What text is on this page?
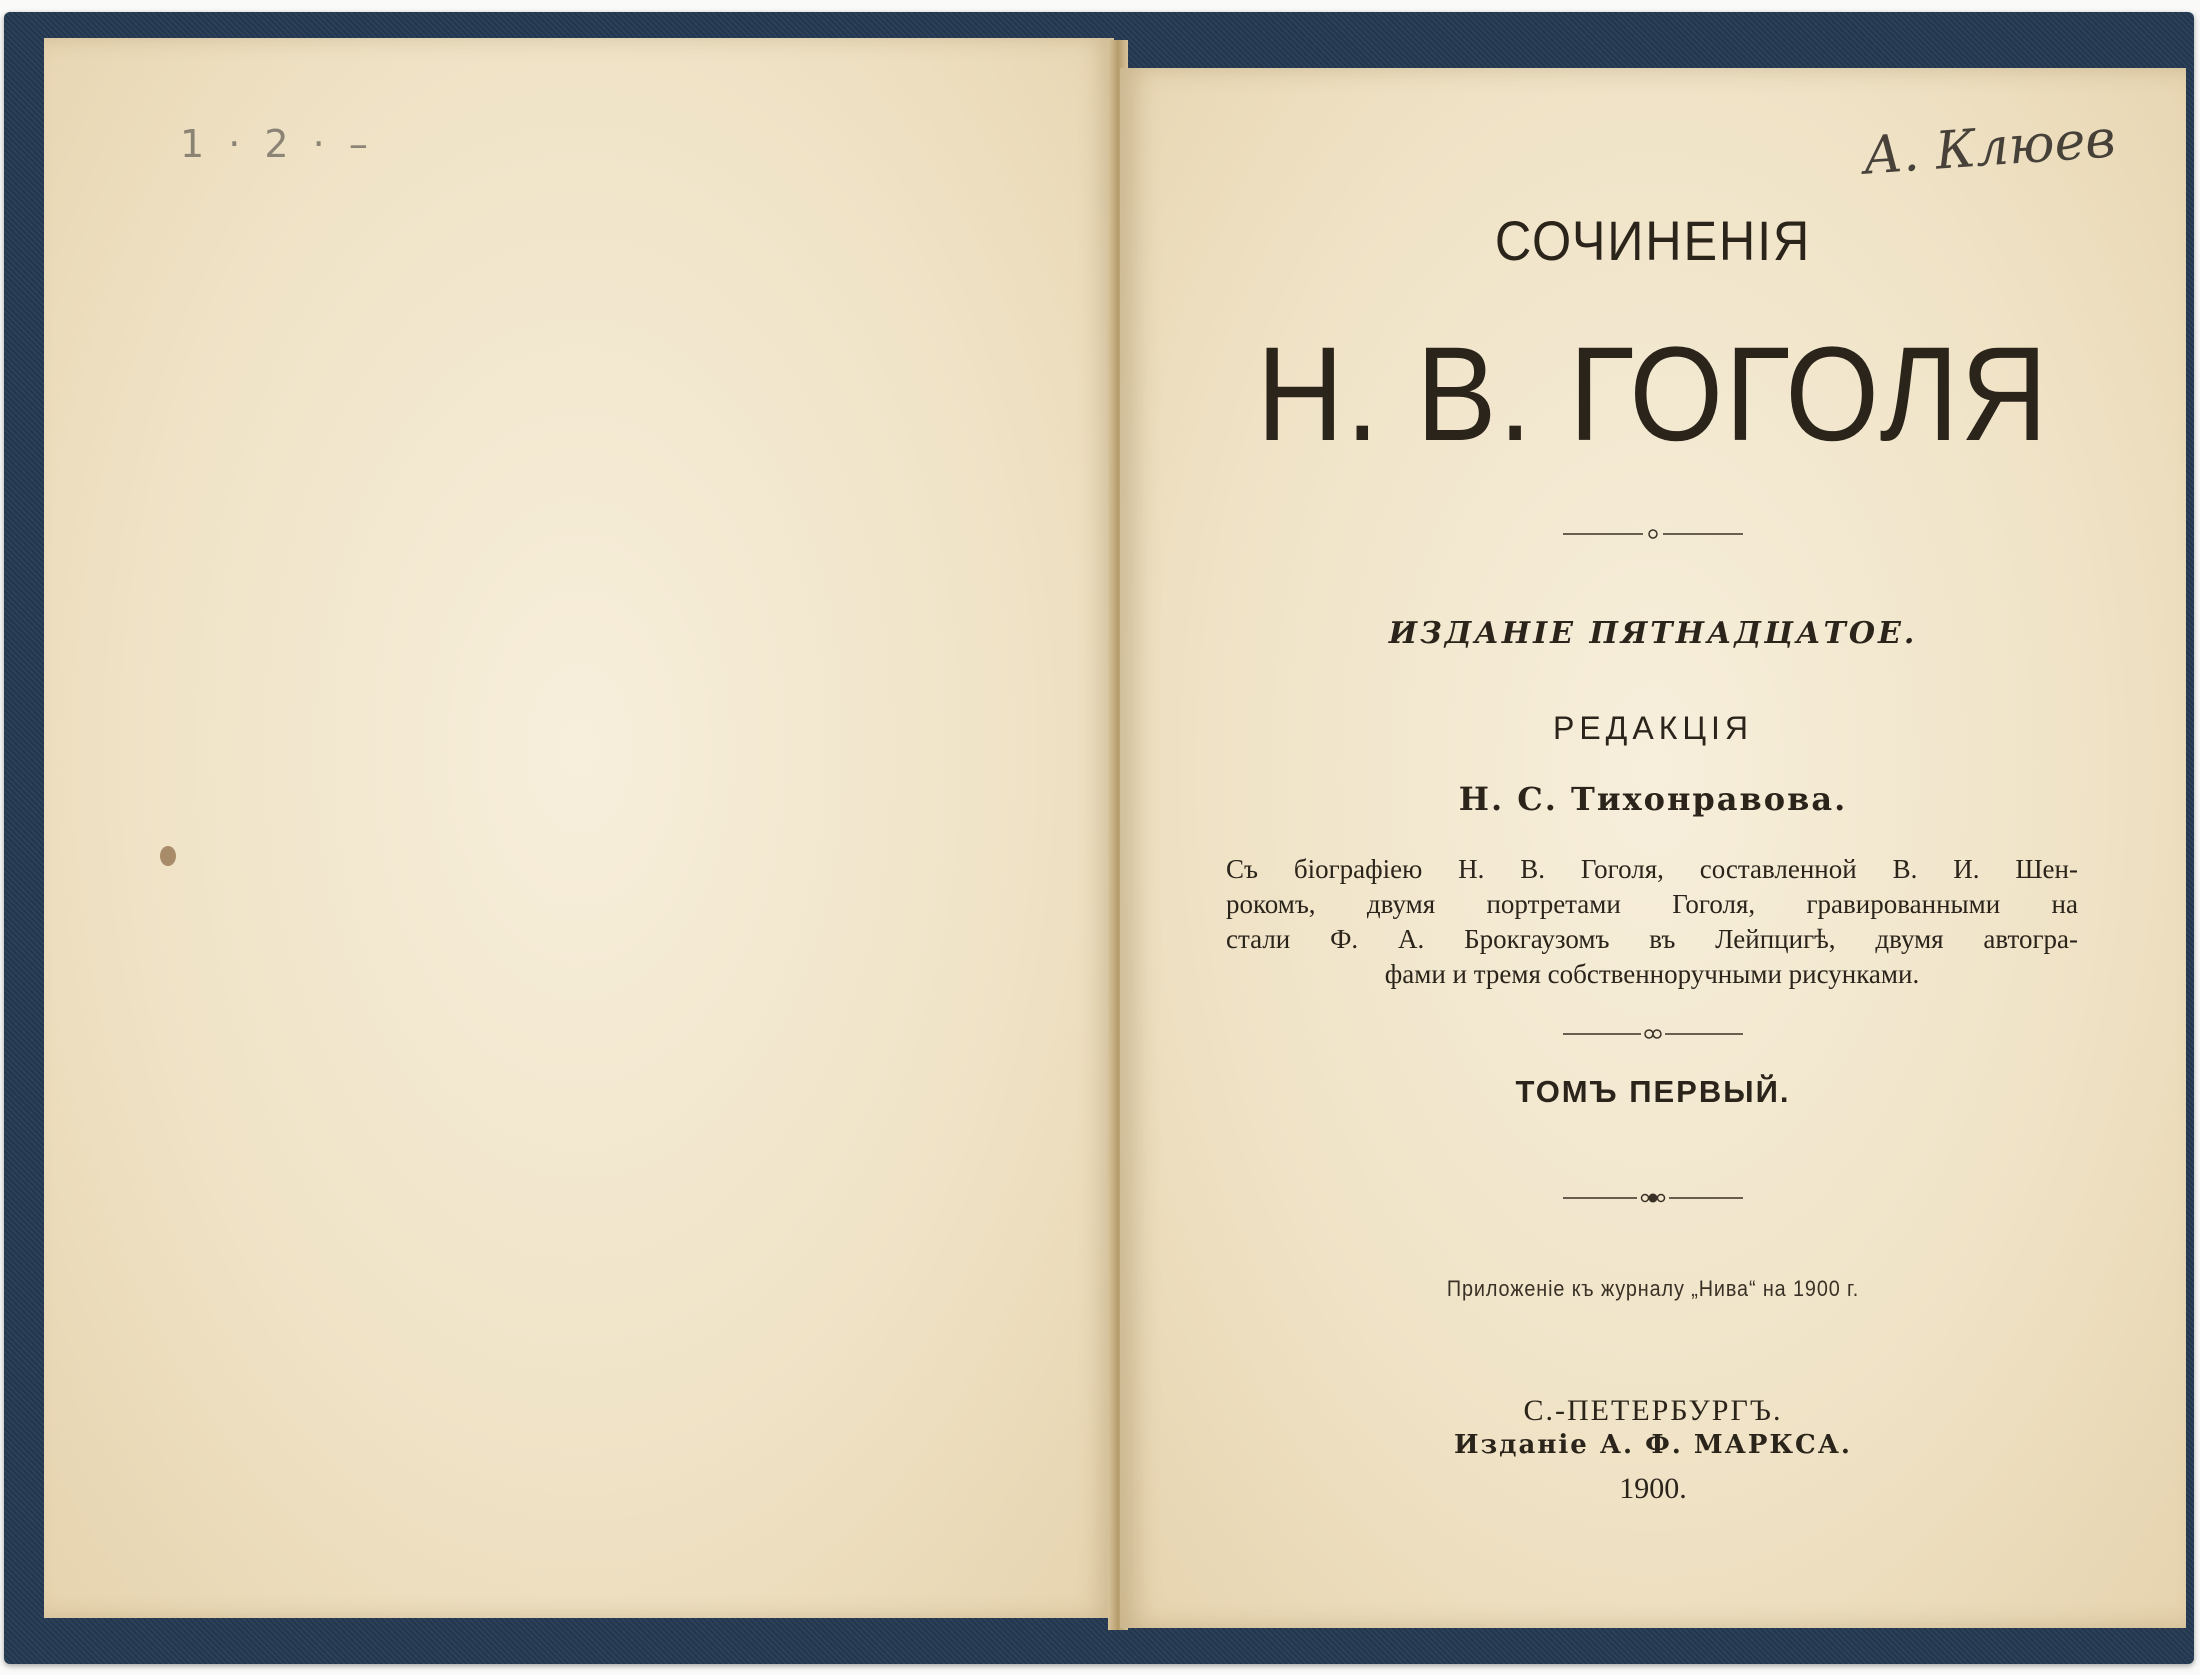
1 · 2 · –	А. Клюев
СОЧИНЕНІЯ
Н. В. ГОГОЛЯ
ИЗДАНІЕ ПЯТНАДЦАТОЕ.
РЕДАКЦІЯ
Н. С. Тихонравова.
Съ біографіею Н. В. Гоголя, составленной В. И. Шен-
рокомъ, двумя портретами Гоголя, гравированными на
стали Ф. А. Брокгаузомъ въ Лейпцигѣ, двумя автогра-
фами и тремя собственноручными рисунками.
ТОМЪ ПЕРВЫЙ.
Приложеніе къ журналу „Нива“ на 1900 г.
С.-ПЕТЕРБУРГЪ.
Изданіе А. Ф. МАРКСА.
1900.
